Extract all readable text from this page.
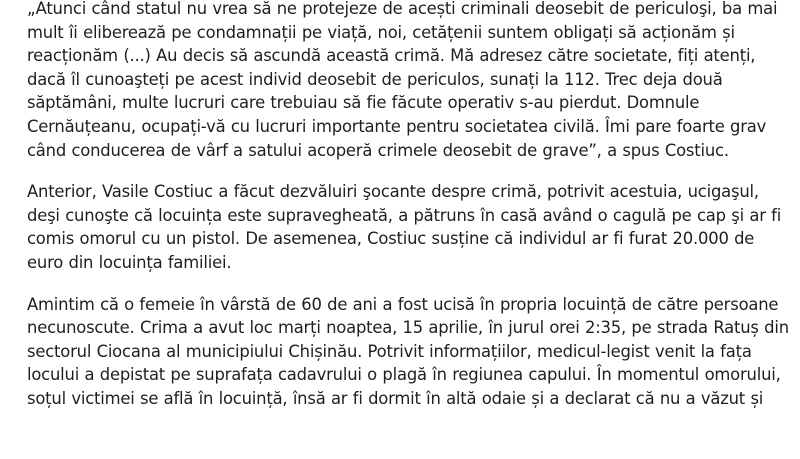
„Atunci când statul nu vrea să ne protejeze de acești criminali deosebit de periculoşi, ba mai
mult îi eliberează pe condamnații pe viață, noi, cetățenii suntem obligați să acționăm și
reacționăm (...) Au decis să ascundă această crimă. Mă adresez către societate, fiți atenți,
dacă îl cunoaşteți pe acest individ deosebit de periculos, sunați la 112. Trec deja două
săptămâni, multe lucruri care trebuiau să fie făcute operativ s-au pierdut. Domnule
Cernăuțeanu, ocupați-vă cu lucruri importante pentru societatea civilă. Îmi pare foarte grav
când conducerea de vârf a satului acoperă crimele deosebit de grave”, a spus Costiuc.

Anterior, Vasile Costiuc a făcut dezvăluiri şocante despre crimă, potrivit acestuia, ucigaşul,
deşi cunoşte că locuința este supravegheată, a pătruns în casă având o cagulă pe cap şi ar fi
comis omorul cu un pistol. De asemenea, Costiuc susține că individul ar fi furat 20.000 de
euro din locuința familiei.

Amintim că o femeie în vârstă de 60 de ani a fost ucisă în propria locuință de către persoane
necunoscute. Crima a avut loc marți noaptea, 15 aprilie, în jurul orei 2:35, pe strada Ratuș din
sectorul Ciocana al municipiului Chișinău. Potrivit informațiilor, medicul-legist venit la fața
locului a depistat pe suprafața cadavrului o plagă în regiunea capului. În momentul omorului,
soțul victimei se află în locuință, însă ar fi dormit în altă odaie și a declarat că nu a văzut și
